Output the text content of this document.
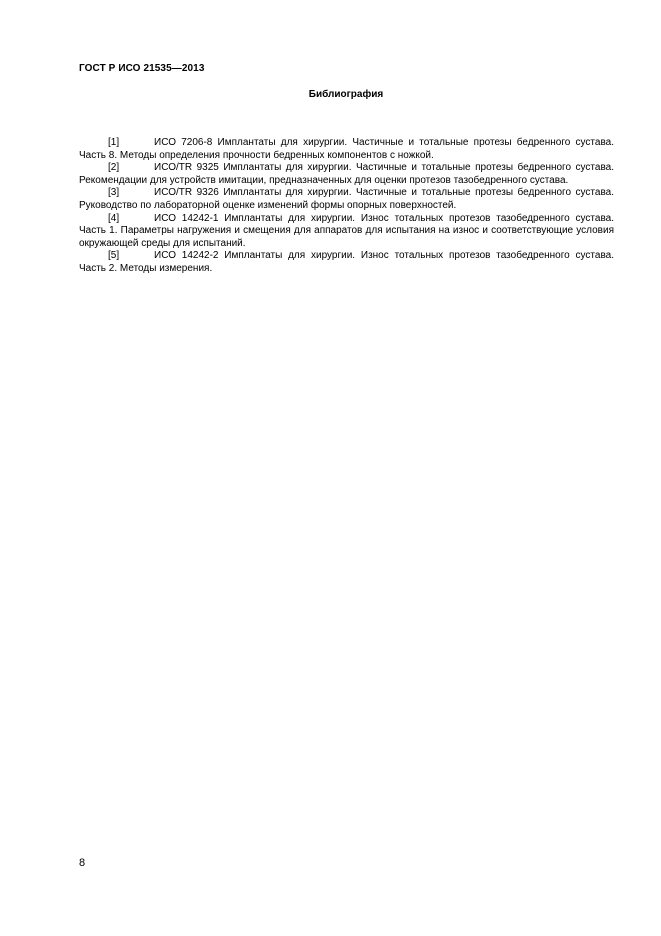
ГОСТ Р ИСО 21535—2013
Библиография
[1]	ИСО 7206-8 Имплантаты для хирургии. Частичные и тотальные протезы бедренного сустава. Часть 8. Методы определения прочности бедренных компонентов с ножкой.
[2]	ИСО/TR 9325 Имплантаты для хирургии. Частичные и тотальные протезы бедренного сустава. Рекомендации для устройств имитации, предназначенных для оценки протезов тазобедренного сустава.
[3]	ИСО/TR 9326 Имплантаты для хирургии. Частичные и тотальные протезы бедренного сустава. Руководство по лабораторной оценке изменений формы опорных поверхностей.
[4]	ИСО 14242-1 Имплантаты для хирургии. Износ тотальных протезов тазобедренного сустава. Часть 1. Параметры нагружения и смещения для аппаратов для испытания на износ и соответствующие условия окружающей среды для испытаний.
[5]	ИСО 14242-2 Имплантаты для хирургии. Износ тотальных протезов тазобедренного сустава. Часть 2. Методы измерения.
8
